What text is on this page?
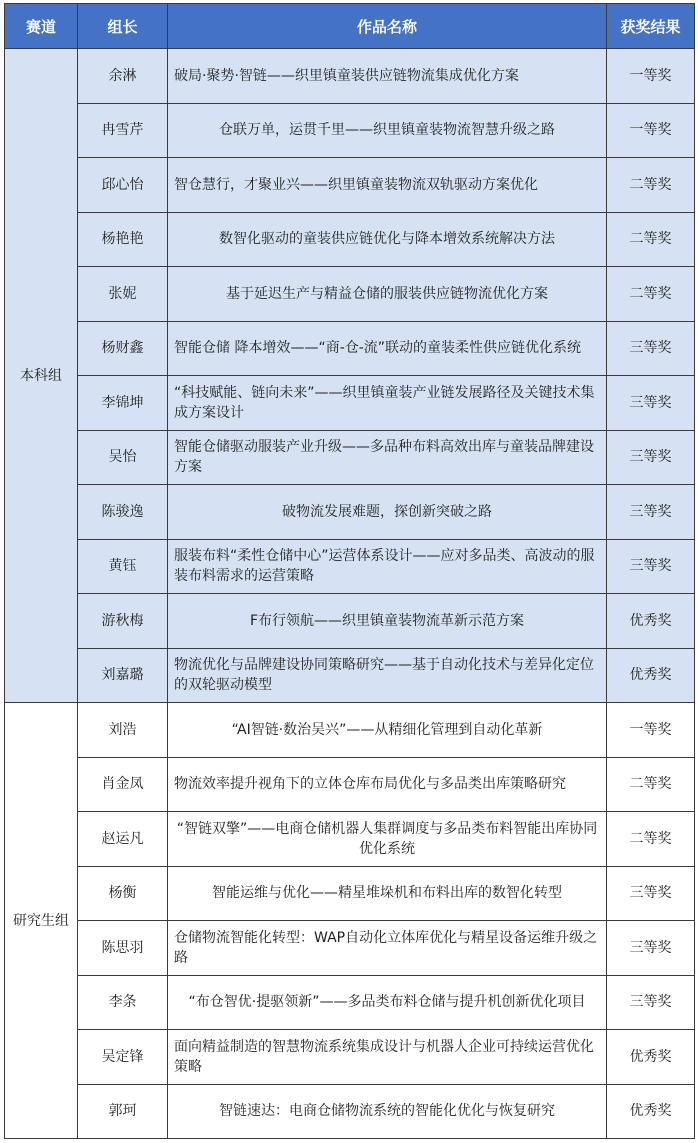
赛道	组长	作品名称	获奖结果
本科组	余淋	破局·聚势·智链——织里镇童装供应链物流集成优化方案	一等奖
	冉雪芹	仓联万单，运贯千里——织里镇童装物流智慧升级之路	一等奖
	邱心怡	智仓慧行，才聚业兴——织里镇童装物流双轨驱动方案优化	二等奖
	杨艳艳	数智化驱动的童装供应链优化与降本增效系统解决方法	二等奖
	张妮	基于延迟生产与精益仓储的服装供应链物流优化方案	二等奖
	杨财鑫	智能仓储 降本增效——“商-仓-流”联动的童装柔性供应链优化系统	三等奖
	李锦坤	“科技赋能、链向未来”——织里镇童装产业链发展路径及关键技术集成方案设计	三等奖
	吴怡	智能仓储驱动服装产业升级——多品种布料高效出库与童装品牌建设方案	三等奖
	陈骏逸	破物流发展难题，探创新突破之路	三等奖
	黄钰	服装布料“柔性仓储中心”运营体系设计——应对多品类、高波动的服装布料需求的运营策略	三等奖
	游秋梅	F布行领航——织里镇童装物流革新示范方案	优秀奖
	刘嘉璐	物流优化与品牌建设协同策略研究——基于自动化技术与差异化定位的双轮驱动模型	优秀奖
研究生组	刘浩	“AI智链·数治吴兴”——从精细化管理到自动化革新	一等奖
	肖金凤	物流效率提升视角下的立体仓库布局优化与多品类出库策略研究	二等奖
	赵运凡	“智链双擎”——电商仓储机器人集群调度与多品类布料智能出库协同优化系统	二等奖
	杨衡	智能运维与优化——精星堆垛机和布料出库的数智化转型	三等奖
	陈思羽	仓储物流智能化转型：WAP自动化立体库优化与精星设备运维升级之路	三等奖
	李条	“布仓智优·提驱领新”——多品类布料仓储与提升机创新优化项目	三等奖
	吴定锋	面向精益制造的智慧物流系统集成设计与机器人企业可持续运营优化策略	优秀奖
	郭珂	智链速达：电商仓储物流系统的智能化优化与恢复研究	优秀奖
